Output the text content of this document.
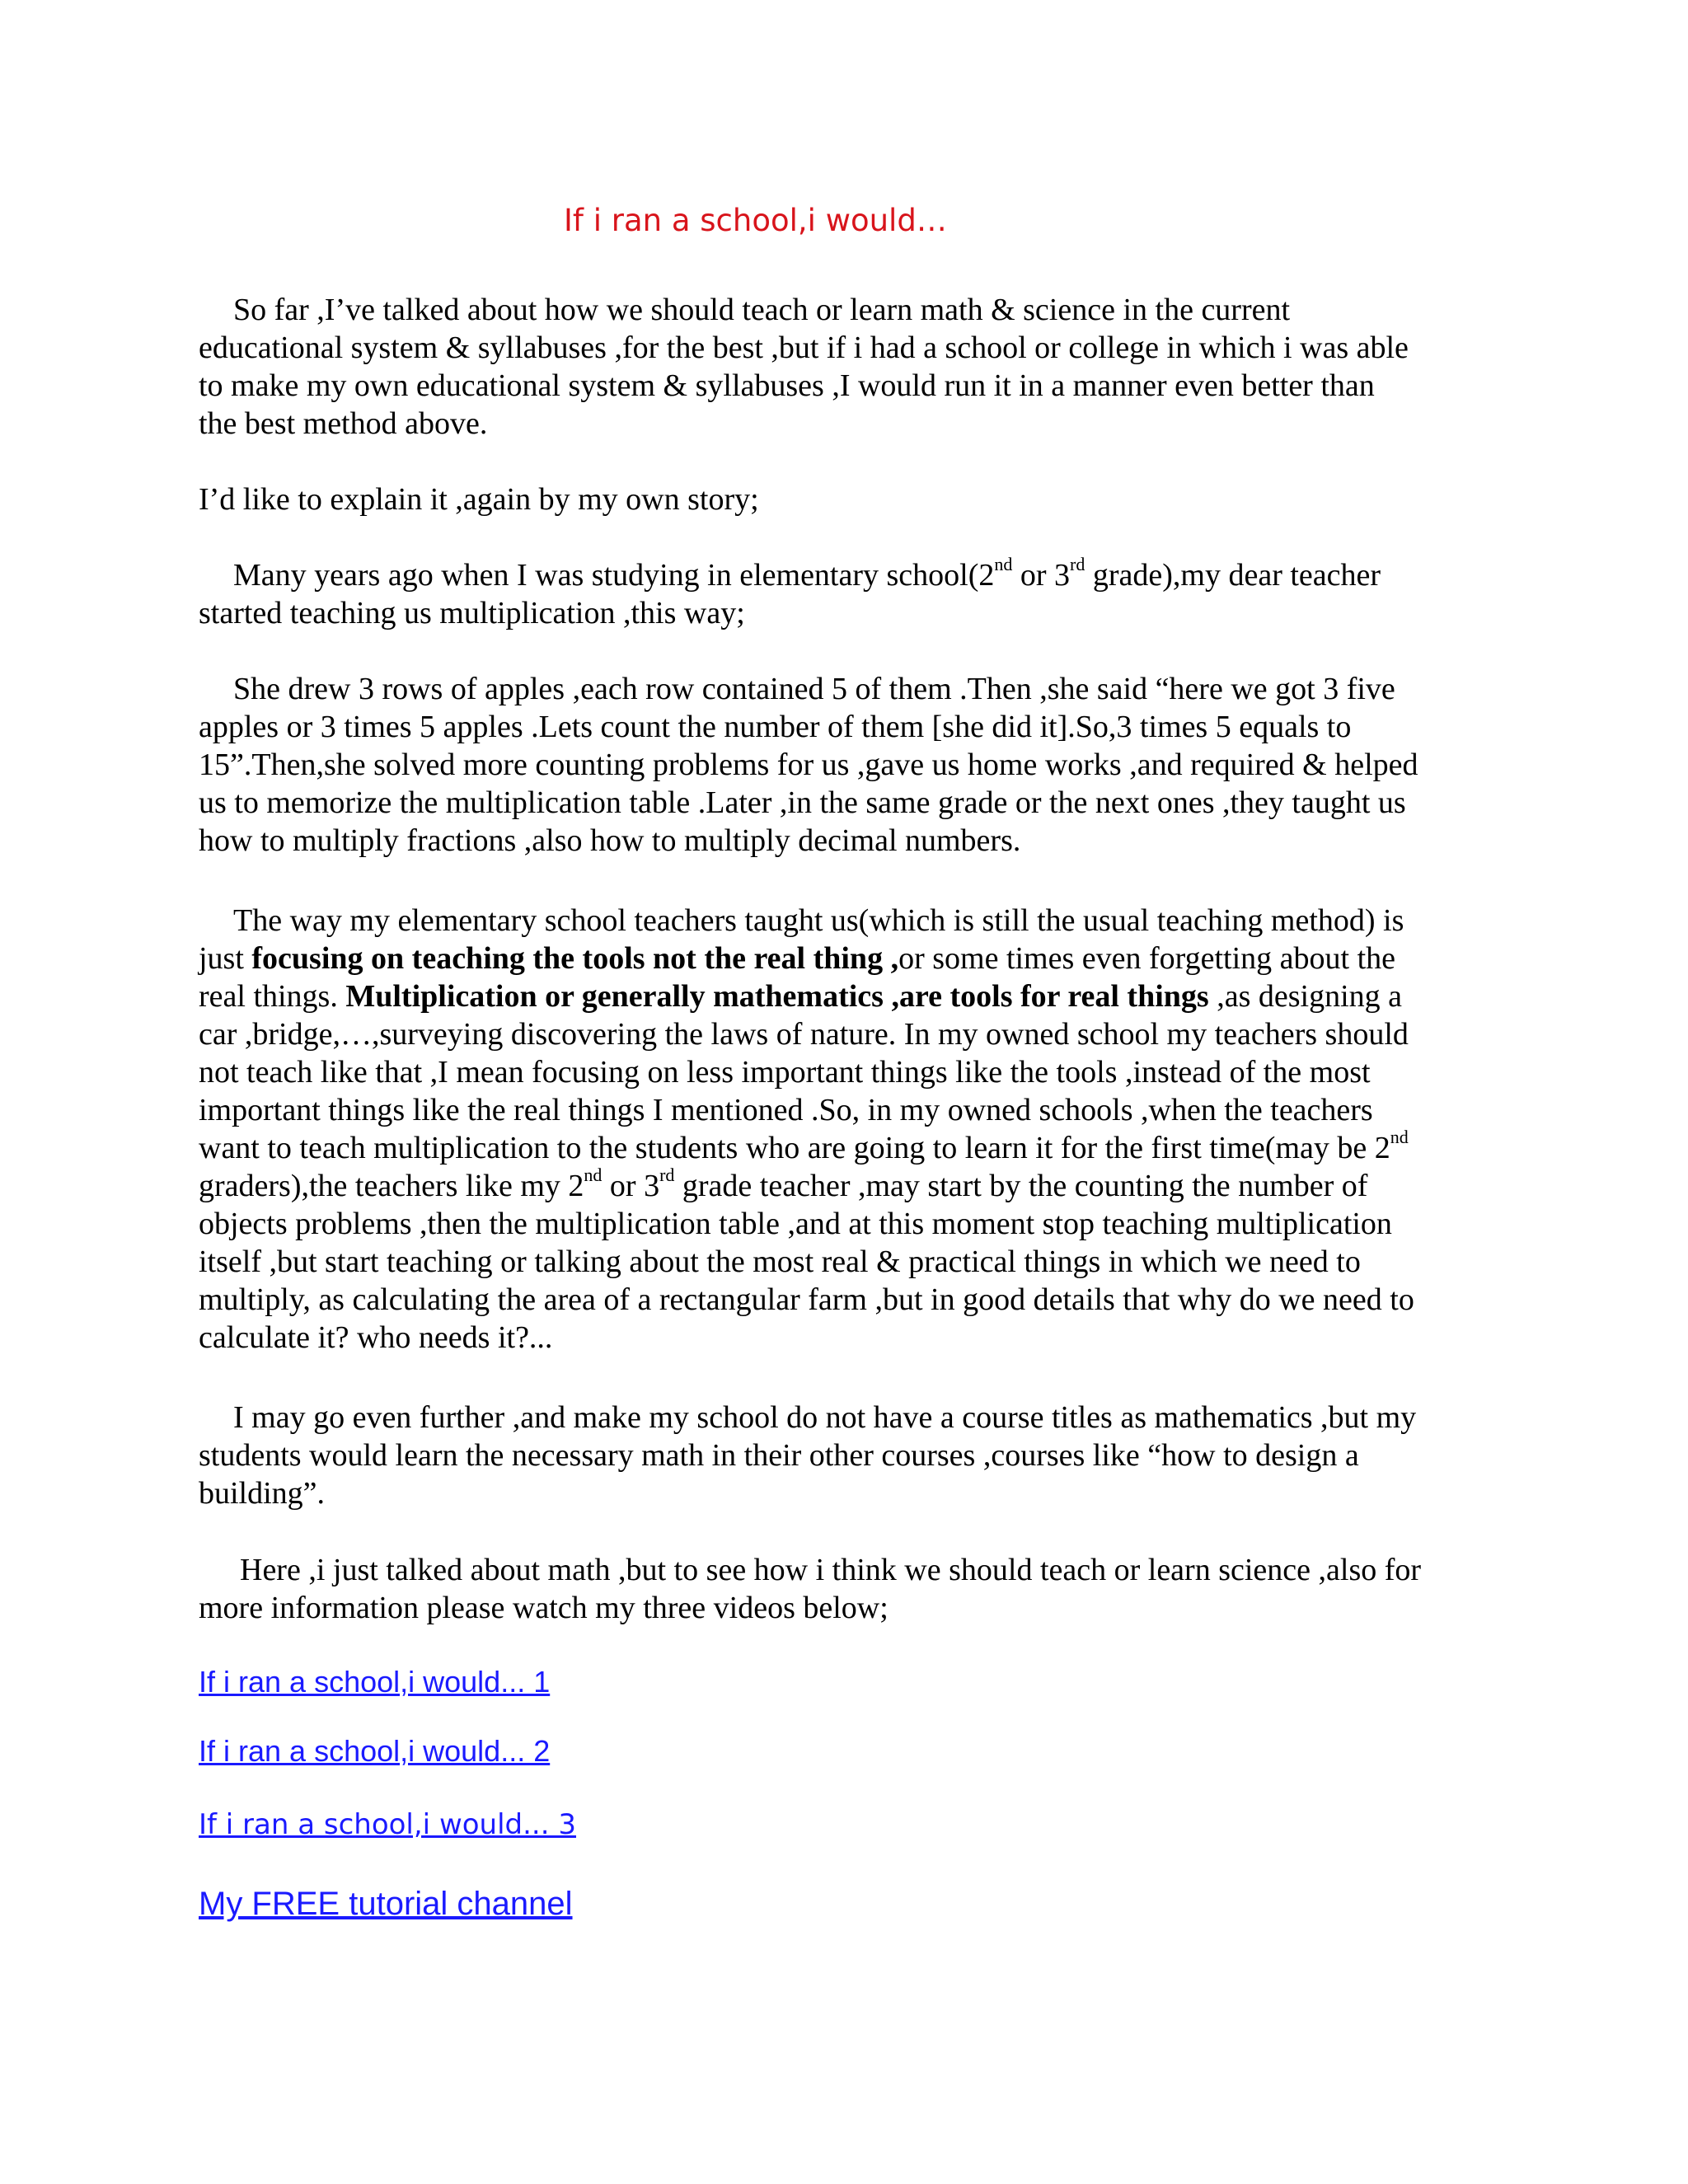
If i ran a school,i would…

So far ,I’ve talked about how we should teach or learn math & science in the current
educational system & syllabuses ,for the best ,but if i had a school or college in which i was able
to make my own educational system & syllabuses ,I would run it in a manner even better than
the best method above.

I’d like to explain it ,again by my own story;

Many years ago when I was studying in elementary school(2nd or 3rd grade),my dear teacher
started teaching us multiplication ,this way;

She drew 3 rows of apples ,each row contained 5 of them .Then ,she said “here we got 3 five
apples or 3 times 5 apples .Lets count the number of them [she did it].So,3 times 5 equals to
15”.Then,she solved more counting problems for us ,gave us home works ,and required & helped
us to memorize the multiplication table .Later ,in the same grade or the next ones ,they taught us
how to multiply fractions ,also how to multiply decimal numbers.

The way my elementary school teachers taught us(which is still the usual teaching method) is
just focusing on teaching the tools not the real thing ,or some times even forgetting about the
real things. Multiplication or generally mathematics ,are tools for real things ,as designing a
car ,bridge,…,surveying discovering the laws of nature. In my owned school my teachers should
not teach like that ,I mean focusing on less important things like the tools ,instead of the most
important things like the real things I mentioned .So, in my owned schools ,when the teachers
want to teach multiplication to the students who are going to learn it for the first time(may be 2nd
graders),the teachers like my 2nd or 3rd grade teacher ,may start by the counting the number of
objects problems ,then the multiplication table ,and at this moment stop teaching multiplication
itself ,but start teaching or talking about the most real & practical things in which we need to
multiply, as calculating the area of a rectangular farm ,but in good details that why do we need to
calculate it? who needs it?...

I may go even further ,and make my school do not have a course titles as mathematics ,but my
students would learn the necessary math in their other courses ,courses like “how to design a
building”.

Here ,i just talked about math ,but to see how i think we should teach or learn science ,also for
more information please watch my three videos below;

If i ran a school,i would... 1
If i ran a school,i would... 2
If i ran a school,i would... 3
My FREE tutorial channel
